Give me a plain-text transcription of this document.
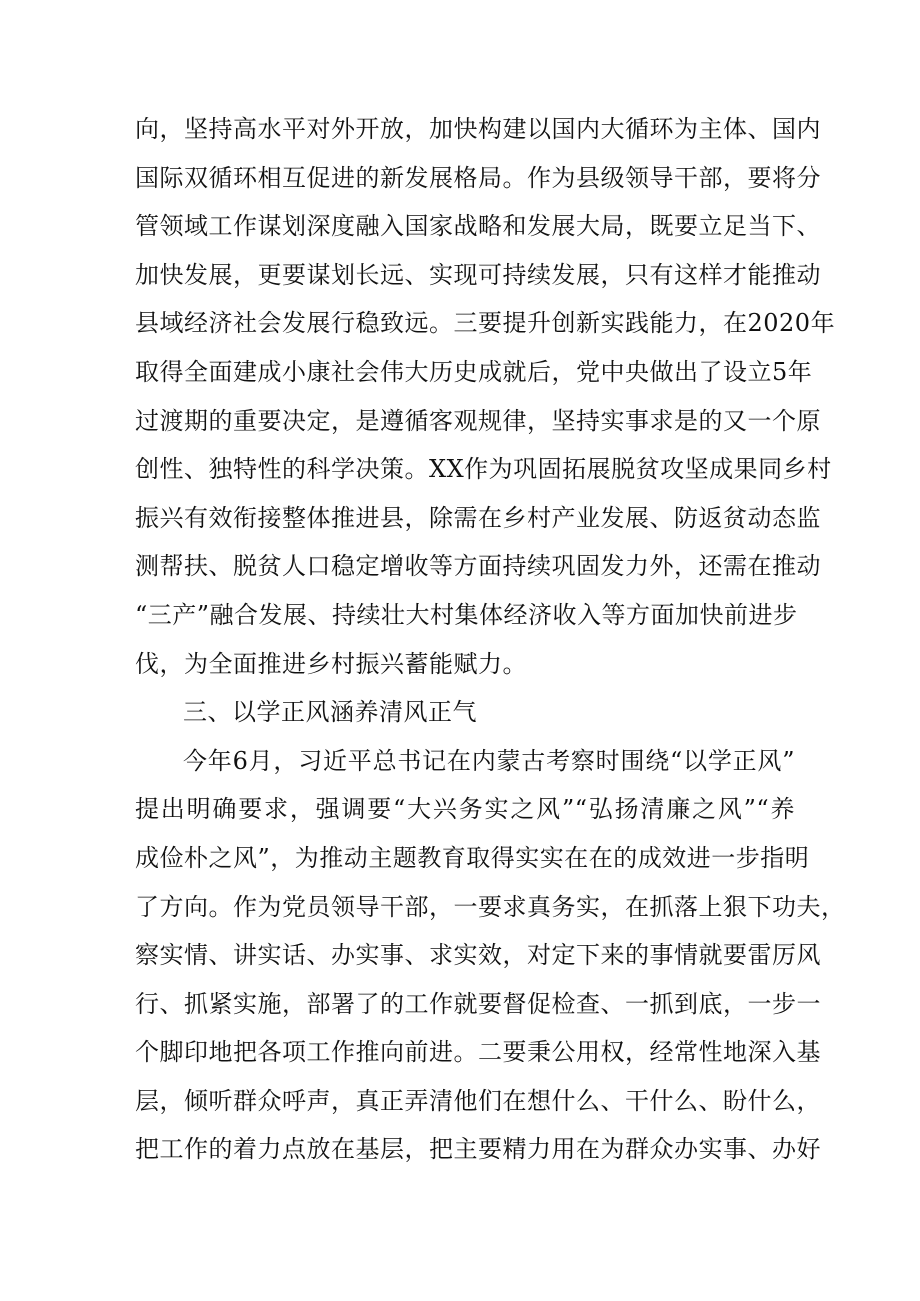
向，坚持高水平对外开放，加快构建以国内大循环为主体、国内
国际双循环相互促进的新发展格局。作为县级领导干部，要将分
管领域工作谋划深度融入国家战略和发展大局，既要立足当下、
加快发展，更要谋划长远、实现可持续发展，只有这样才能推动
县域经济社会发展行稳致远。三要提升创新实践能力，在2020年
取得全面建成小康社会伟大历史成就后，党中央做出了设立5年
过渡期的重要决定，是遵循客观规律，坚持实事求是的又一个原
创性、独特性的科学决策。XX作为巩固拓展脱贫攻坚成果同乡村
振兴有效衔接整体推进县，除需在乡村产业发展、防返贫动态监
测帮扶、脱贫人口稳定增收等方面持续巩固发力外，还需在推动
“三产”融合发展、持续壮大村集体经济收入等方面加快前进步
伐，为全面推进乡村振兴蓄能赋力。
三、以学正风涵养清风正气
今年6月，习近平总书记在内蒙古考察时围绕“以学正风”
提出明确要求，强调要“大兴务实之风”“弘扬清廉之风”“养
成俭朴之风”，为推动主题教育取得实实在在的成效进一步指明
了方向。作为党员领导干部，一要求真务实，在抓落上狠下功夫，
察实情、讲实话、办实事、求实效，对定下来的事情就要雷厉风
行、抓紧实施，部署了的工作就要督促检查、一抓到底，一步一
个脚印地把各项工作推向前进。二要秉公用权，经常性地深入基
层，倾听群众呼声，真正弄清他们在想什么、干什么、盼什么，
把工作的着力点放在基层，把主要精力用在为群众办实事、办好
